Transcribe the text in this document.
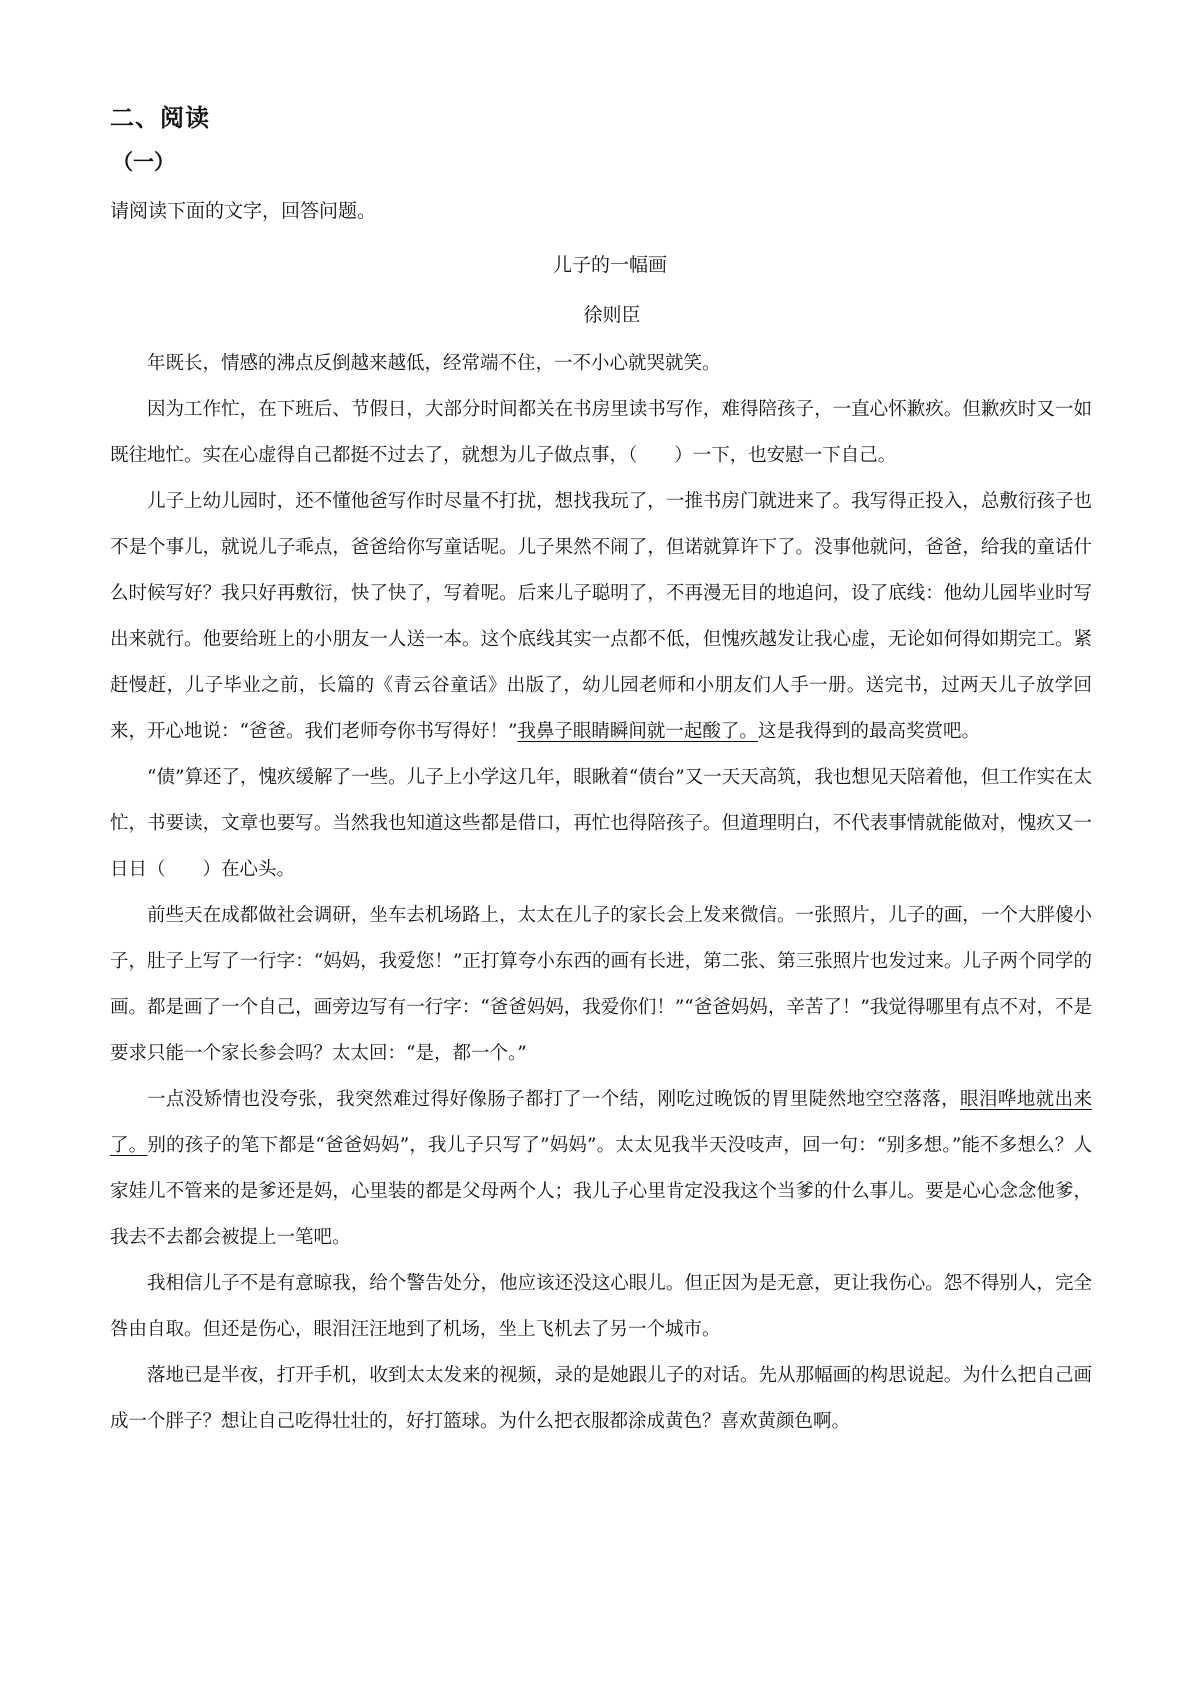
二、阅读
（一）
请阅读下面的文字，回答问题。
儿子的一幅画
徐则臣

年既长，情感的沸点反倒越来越低，经常端不住，一不小心就哭就笑。

因为工作忙，在下班后、节假日，大部分时间都关在书房里读书写作，难得陪孩子，一直心怀歉疚。但歉疚时又一如既往地忙。实在心虚得自己都挺不过去了，就想为儿子做点事，（　　）一下，也安慰一下自己。

儿子上幼儿园时，还不懂他爸写作时尽量不打扰，想找我玩了，一推书房门就进来了。我写得正投入，总敷衍孩子也不是个事儿，就说儿子乖点，爸爸给你写童话呢。儿子果然不闹了，但诺就算许下了。没事他就问，爸爸，给我的童话什么时候写好？我只好再敷衍，快了快了，写着呢。后来儿子聪明了，不再漫无目的地追问，设了底线：他幼儿园毕业时写出来就行。他要给班上的小朋友一人送一本。这个底线其实一点都不低，但愧疚越发让我心虚，无论如何得如期完工。紧赶慢赶，儿子毕业之前，长篇的《青云谷童话》出版了，幼儿园老师和小朋友们人手一册。送完书，过两天儿子放学回来，开心地说：“爸爸。我们老师夸你书写得好！”我鼻子眼睛瞬间就一起酸了。这是我得到的最高奖赏吧。

“债”算还了，愧疚缓解了一些。儿子上小学这几年，眼瞅着“债台”又一天天高筑，我也想见天陪着他，但工作实在太忙，书要读，文章也要写。当然我也知道这些都是借口，再忙也得陪孩子。但道理明白，不代表事情就能做对，愧疚又一日日（　　）在心头。

前些天在成都做社会调研，坐车去机场路上，太太在儿子的家长会上发来微信。一张照片，儿子的画，一个大胖傻小子，肚子上写了一行字：“妈妈，我爱您！”正打算夸小东西的画有长进，第二张、第三张照片也发过来。儿子两个同学的画。都是画了一个自己，画旁边写有一行字：“爸爸妈妈，我爱你们！”“爸爸妈妈，辛苦了！”我觉得哪里有点不对，不是要求只能一个家长参会吗？太太回：“是，都一个。”

一点没矫情也没夸张，我突然难过得好像肠子都打了一个结，刚吃过晚饭的胃里陡然地空空落落，眼泪哗地就出来了。别的孩子的笔下都是“爸爸妈妈”，我儿子只写了”妈妈”。太太见我半天没吱声，回一句：“别多想。”能不多想么？人家娃儿不管来的是爹还是妈，心里装的都是父母两个人；我儿子心里肯定没我这个当爹的什么事儿。要是心心念念他爹，我去不去都会被提上一笔吧。

我相信儿子不是有意晾我，给个警告处分，他应该还没这心眼儿。但正因为是无意，更让我伤心。怨不得别人，完全咎由自取。但还是伤心，眼泪汪汪地到了机场，坐上飞机去了另一个城市。

落地已是半夜，打开手机，收到太太发来的视频，录的是她跟儿子的对话。先从那幅画的构思说起。为什么把自己画成一个胖子？想让自己吃得壮壮的，好打篮球。为什么把衣服都涂成黄色？喜欢黄颜色啊。
